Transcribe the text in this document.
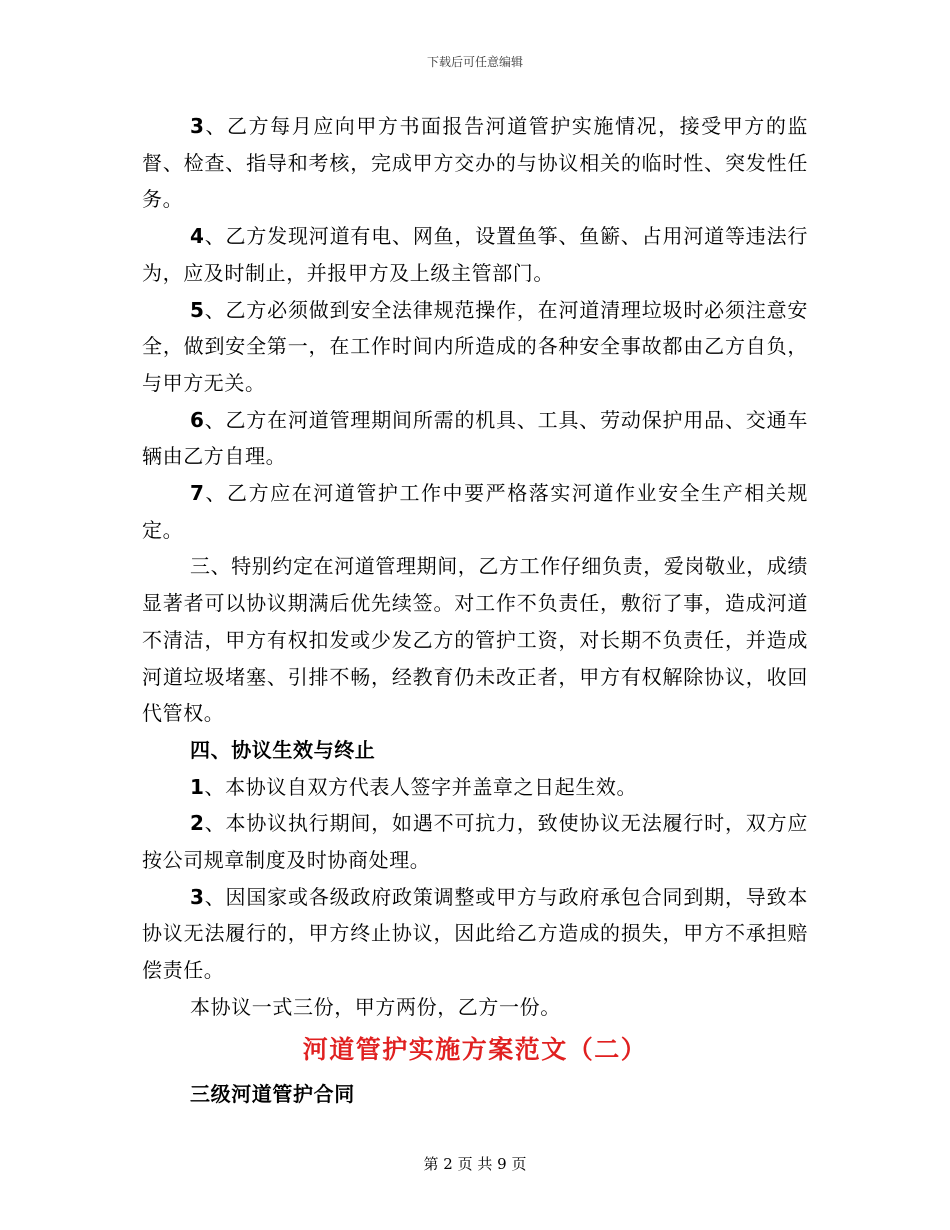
下载后可任意编辑

3、乙方每月应向甲方书面报告河道管护实施情况，接受甲方的监督、检查、指导和考核，完成甲方交办的与协议相关的临时性、突发性任务。

4、乙方发现河道有电、网鱼，设置鱼筝、鱼簖、占用河道等违法行为，应及时制止，并报甲方及上级主管部门。

5、乙方必须做到安全法律规范操作，在河道清理垃圾时必须注意安全，做到安全第一，在工作时间内所造成的各种安全事故都由乙方自负，与甲方无关。

6、乙方在河道管理期间所需的机具、工具、劳动保护用品、交通车辆由乙方自理。

7、乙方应在河道管护工作中要严格落实河道作业安全生产相关规定。

三、特别约定在河道管理期间，乙方工作仔细负责，爱岗敬业，成绩显著者可以协议期满后优先续签。对工作不负责任，敷衍了事，造成河道不清洁，甲方有权扣发或少发乙方的管护工资，对长期不负责任，并造成河道垃圾堵塞、引排不畅，经教育仍未改正者，甲方有权解除协议，收回代管权。

四、协议生效与终止

1、本协议自双方代表人签字并盖章之日起生效。

2、本协议执行期间，如遇不可抗力，致使协议无法履行时，双方应按公司规章制度及时协商处理。

3、因国家或各级政府政策调整或甲方与政府承包合同到期，导致本协议无法履行的，甲方终止协议，因此给乙方造成的损失，甲方不承担赔偿责任。

本协议一式三份，甲方两份，乙方一份。

河道管护实施方案范文（二）

三级河道管护合同

第 2 页 共 9 页
